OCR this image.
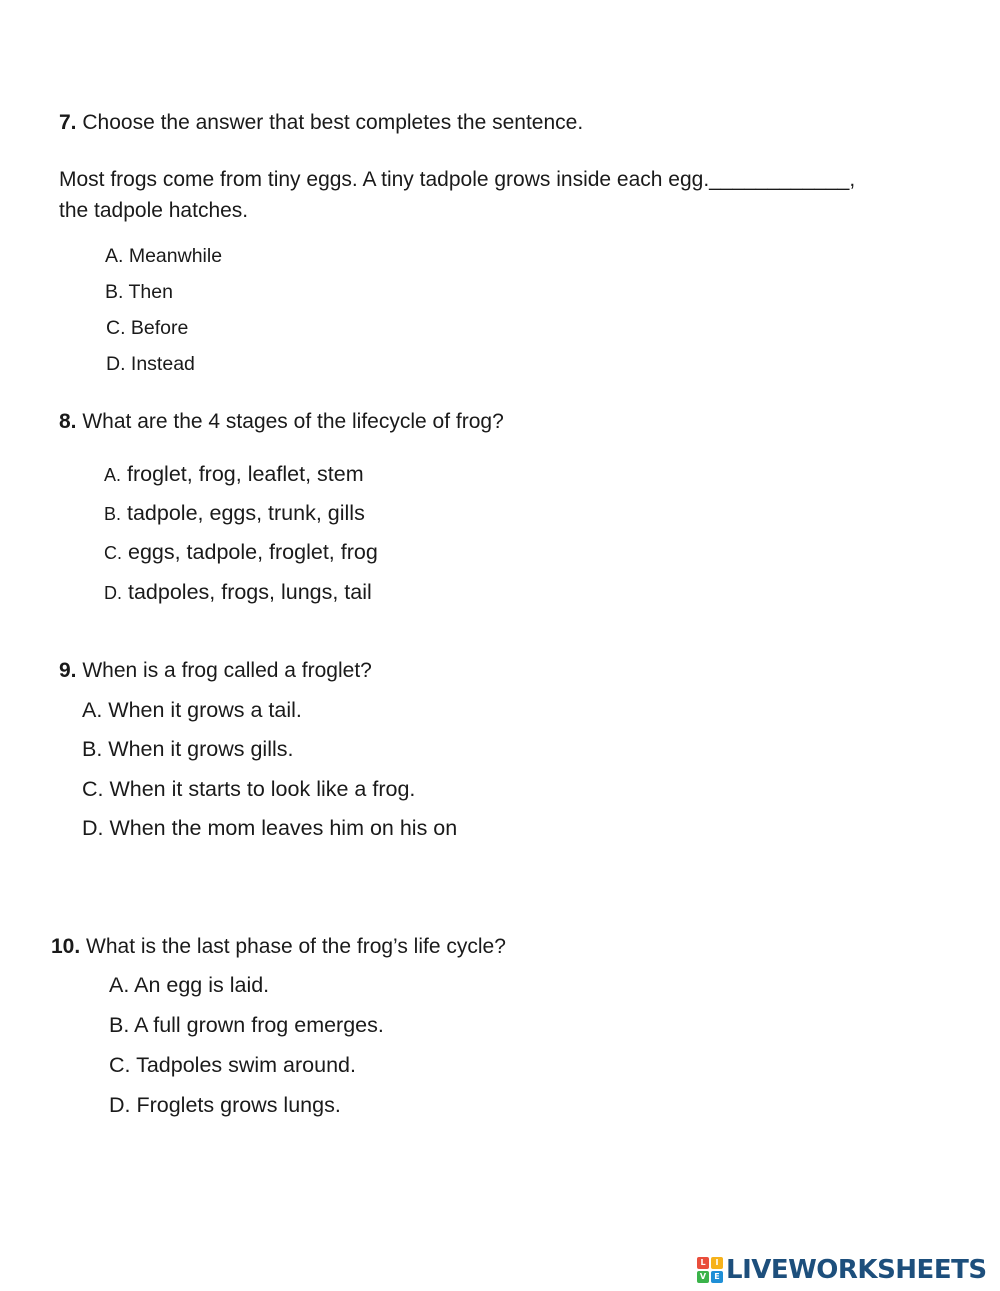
7. Choose the answer that best completes the sentence.
Most frogs come from tiny eggs. A tiny tadpole grows inside each egg.____________,
the tadpole hatches.
A. Meanwhile
B. Then
C. Before
D. Instead
8. What are the 4 stages of the lifecycle of frog?
A. froglet, frog, leaflet, stem
B. tadpole, eggs, trunk, gills
C. eggs, tadpole, froglet, frog
D. tadpoles, frogs, lungs, tail
9. When is a frog called a froglet?
A. When it grows a tail.
B. When it grows gills.
C. When it starts to look like a frog.
D. When the mom leaves him on his on
10. What is the last phase of the frog’s life cycle?
A. An egg is laid.
B. A full grown frog emerges.
C. Tadpoles swim around.
D. Froglets grows lungs.
L	I
V	E LIVEWORKSHEETS
